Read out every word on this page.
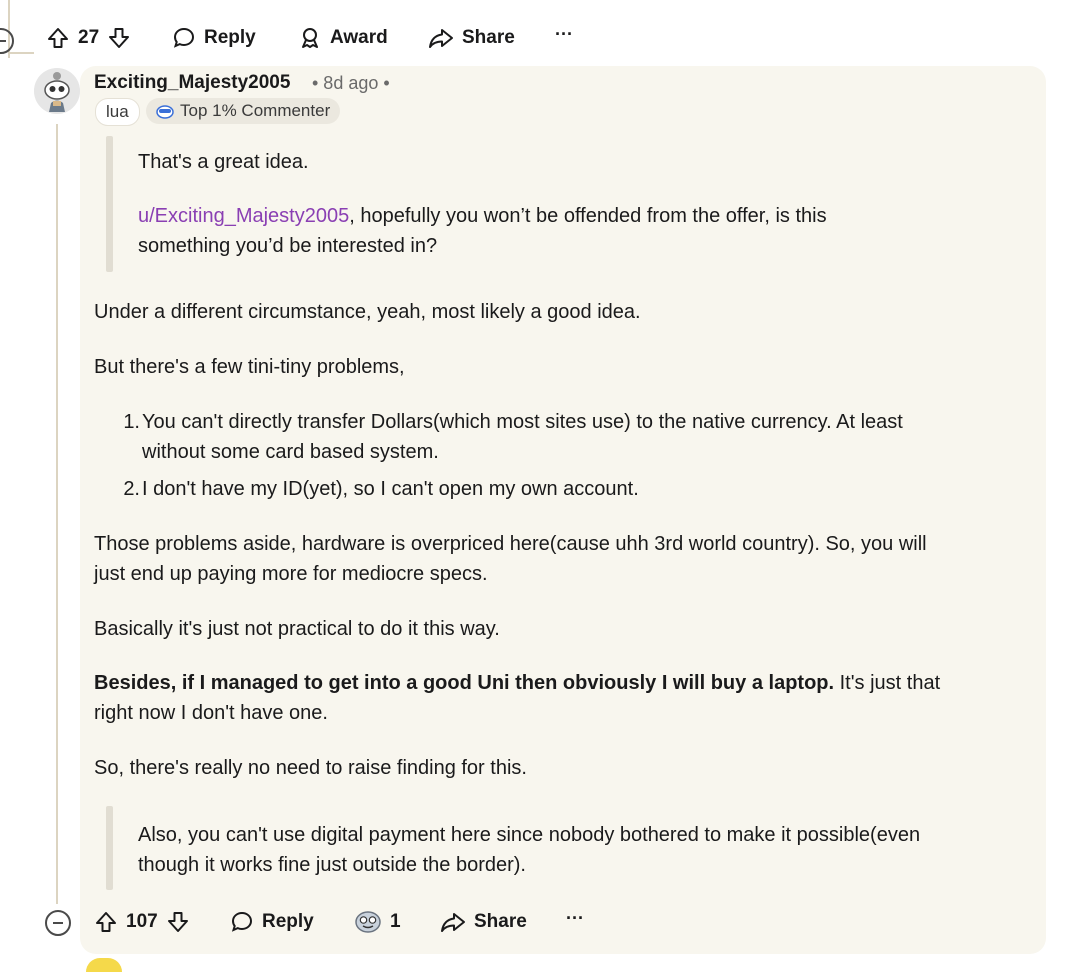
27	Reply	Award	Share ···
Exciting_Majesty2005 • 8d ago •
lua	Top 1% Commenter
That's a great idea.
u/Exciting_Majesty2005, hopefully you won’t be offended from the offer, is this
something you’d be interested in?
Under a different circumstance, yeah, most likely a good idea.
But there's a few tini-tiny problems,
1. You can't directly transfer Dollars(which most sites use) to the native currency. At least
without some card based system.
2. I don't have my ID(yet), so I can't open my own account.
Those problems aside, hardware is overpriced here(cause uhh 3rd world country). So, you will
just end up paying more for mediocre specs.
Basically it's just not practical to do it this way.
Besides, if I managed to get into a good Uni then obviously I will buy a laptop. It's just that
right now I don't have one.
So, there's really no need to raise finding for this.
Also, you can't use digital payment here since nobody bothered to make it possible(even
though it works fine just outside the border).
107	Reply	1	Share ···
